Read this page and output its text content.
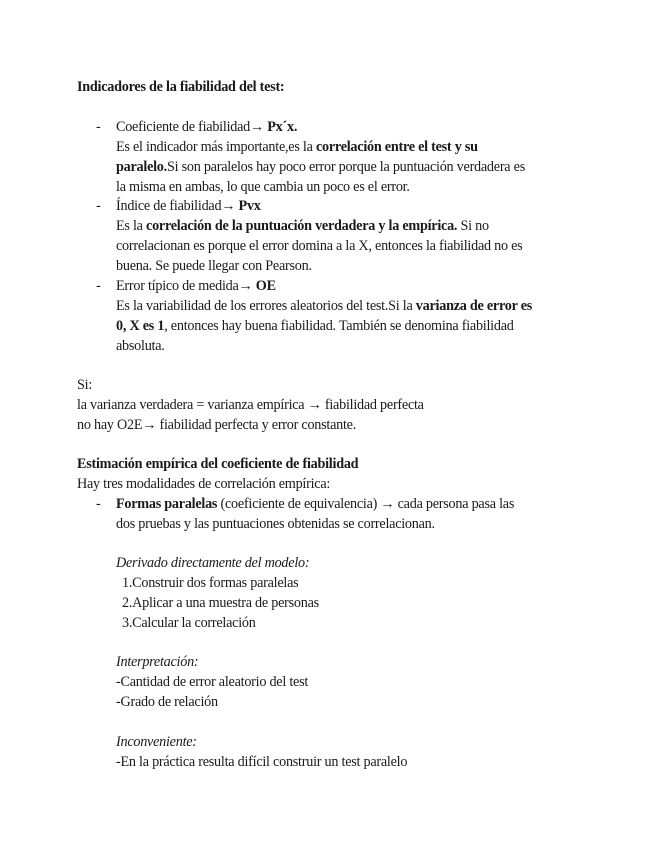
Indicadores de la fiabilidad del test:
- Coeficiente de fiabilidad→ Px´x.
Es el indicador más importante,es la correlación entre el test y su
paralelo.Si son paralelos hay poco error porque la puntuación verdadera es
la misma en ambas, lo que cambia un poco es el error.
- Índice de fiabilidad→ Pvx
Es la correlación de la puntuación verdadera y la empírica. Si no
correlacionan es porque el error domina a la X, entonces la fiabilidad no es
buena. Se puede llegar con Pearson.
- Error típico de medida→ OE
Es la variabilidad de los errores aleatorios del test.Si la varianza de error es
0, X es 1, entonces hay buena fiabilidad. También se denomina fiabilidad
absoluta.
Si:
la varianza verdadera = varianza empírica → fiabilidad perfecta
no hay O2E→ fiabilidad perfecta y error constante.
Estimación empírica del coeficiente de fiabilidad
Hay tres modalidades de correlación empírica:
- Formas paralelas (coeficiente de equivalencia) → cada persona pasa las
dos pruebas y las puntuaciones obtenidas se correlacionan.
Derivado directamente del modelo:
1.Construir dos formas paralelas
2.Aplicar a una muestra de personas
3.Calcular la correlación
Interpretación:
-Cantidad de error aleatorio del test
-Grado de relación
Inconveniente:
-En la práctica resulta difícil construir un test paralelo
